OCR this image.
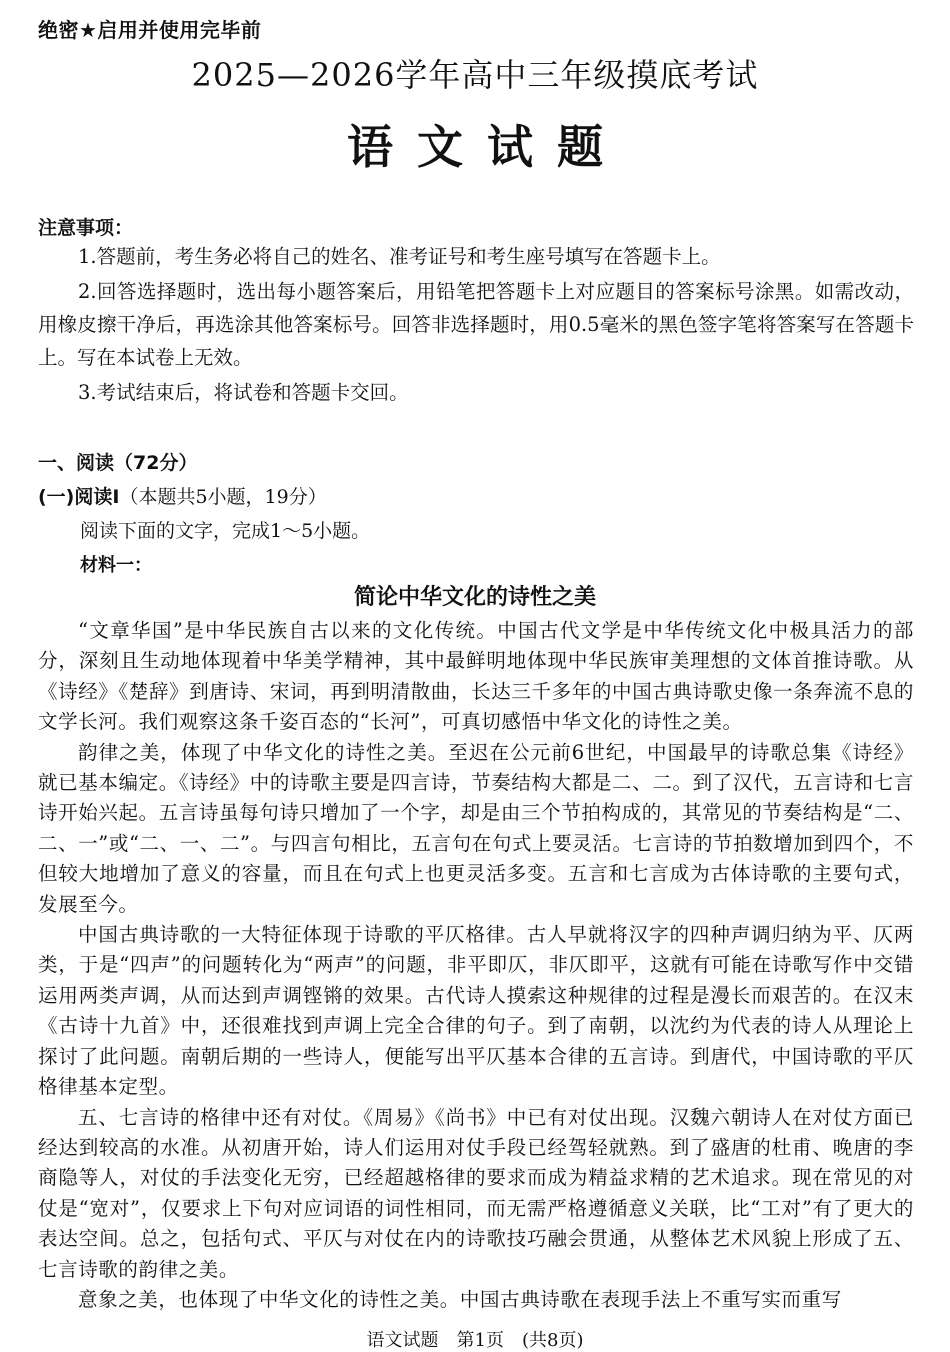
绝密★启用并使用完毕前
2025—2026学年高中三年级摸底考试
语文试题
注意事项：

1.答题前，考生务必将自己的姓名、准考证号和考生座号填写在答题卡上。

2.回答选择题时，选出每小题答案后，用铅笔把答题卡上对应题目的答案标号涂黑。如需改动，用橡皮擦干净后，再选涂其他答案标号。回答非选择题时，用0.5毫米的黑色签字笔将答案写在答题卡上。写在本试卷上无效。

3.考试结束后，将试卷和答题卡交回。

一、阅读（72分）
(一)阅读Ⅰ（本题共5小题，19分）
阅读下面的文字，完成1～5小题。
材料一：
简论中华文化的诗性之美

“文章华国”是中华民族自古以来的文化传统。中国古代文学是中华传统文化中极具活力的部分，深刻且生动地体现着中华美学精神，其中最鲜明地体现中华民族审美理想的文体首推诗歌。从《诗经》《楚辞》到唐诗、宋词，再到明清散曲，长达三千多年的中国古典诗歌史像一条奔流不息的文学长河。我们观察这条千姿百态的“长河”，可真切感悟中华文化的诗性之美。

韵律之美，体现了中华文化的诗性之美。至迟在公元前6世纪，中国最早的诗歌总集《诗经》就已基本编定。《诗经》中的诗歌主要是四言诗，节奏结构大都是二、二。到了汉代，五言诗和七言诗开始兴起。五言诗虽每句诗只增加了一个字，却是由三个节拍构成的，其常见的节奏结构是“二、二、一”或“二、一、二”。与四言句相比，五言句在句式上要灵活。七言诗的节拍数增加到四个，不但较大地增加了意义的容量，而且在句式上也更灵活多变。五言和七言成为古体诗歌的主要句式，发展至今。

中国古典诗歌的一大特征体现于诗歌的平仄格律。古人早就将汉字的四种声调归纳为平、仄两类，于是“四声”的问题转化为“两声”的问题，非平即仄，非仄即平，这就有可能在诗歌写作中交错运用两类声调，从而达到声调铿锵的效果。古代诗人摸索这种规律的过程是漫长而艰苦的。在汉末《古诗十九首》中，还很难找到声调上完全合律的句子。到了南朝，以沈约为代表的诗人从理论上探讨了此问题。南朝后期的一些诗人，便能写出平仄基本合律的五言诗。到唐代，中国诗歌的平仄格律基本定型。

五、七言诗的格律中还有对仗。《周易》《尚书》中已有对仗出现。汉魏六朝诗人在对仗方面已经达到较高的水准。从初唐开始，诗人们运用对仗手段已经驾轻就熟。到了盛唐的杜甫、晚唐的李商隐等人，对仗的手法变化无穷，已经超越格律的要求而成为精益求精的艺术追求。现在常见的对仗是“宽对”，仅要求上下句对应词语的词性相同，而无需严格遵循意义关联，比“工对”有了更大的表达空间。总之，包括句式、平仄与对仗在内的诗歌技巧融会贯通，从整体艺术风貌上形成了五、七言诗歌的韵律之美。

意象之美，也体现了中华文化的诗性之美。中国古典诗歌在表现手法上不重写实而重写

语文试题　第1页　(共8页)
